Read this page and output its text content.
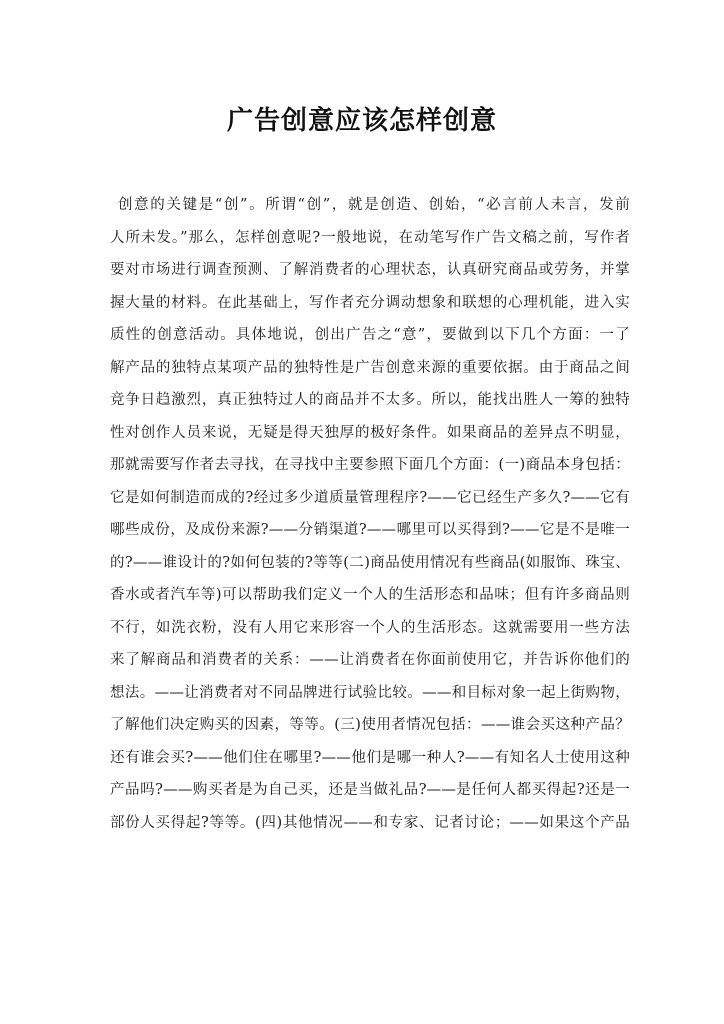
广告创意应该怎样创意
创意的关键是“创”。所谓“创”，就是创造、创始，“必言前人未言，发前
人所未发。”那么，怎样创意呢?一般地说，在动笔写作广告文稿之前，写作者
要对市场进行调查预测、了解消费者的心理状态，认真研究商品或劳务，并掌
握大量的材料。在此基础上，写作者充分调动想象和联想的心理机能，进入实
质性的创意活动。具体地说，创出广告之“意”，要做到以下几个方面：一了
解产品的独特点某项产品的独特性是广告创意来源的重要依据。由于商品之间
竞争日趋激烈，真正独特过人的商品并不太多。所以，能找出胜人一筹的独特
性对创作人员来说，无疑是得天独厚的极好条件。如果商品的差异点不明显，
那就需要写作者去寻找，在寻找中主要参照下面几个方面：(一)商品本身包括：
它是如何制造而成的?经过多少道质量管理程序?——它已经生产多久?——它有
哪些成份，及成份来源?——分销渠道?——哪里可以买得到?——它是不是唯一
的?——谁设计的?如何包装的?等等(二)商品使用情况有些商品(如服饰、珠宝、
香水或者汽车等)可以帮助我们定义一个人的生活形态和品味；但有许多商品则
不行，如洗衣粉，没有人用它来形容一个人的生活形态。这就需要用一些方法
来了解商品和消费者的关系：——让消费者在你面前使用它，并告诉你他们的
想法。——让消费者对不同品牌进行试验比较。——和目标对象一起上街购物，
了解他们决定购买的因素，等等。(三)使用者情况包括：——谁会买这种产品？
还有谁会买?——他们住在哪里?——他们是哪一种人?——有知名人士使用这种
产品吗?——购买者是为自己买，还是当做礼品?——是任何人都买得起?还是一
部份人买得起?等等。(四)其他情况——和专家、记者讨论；——如果这个产品
